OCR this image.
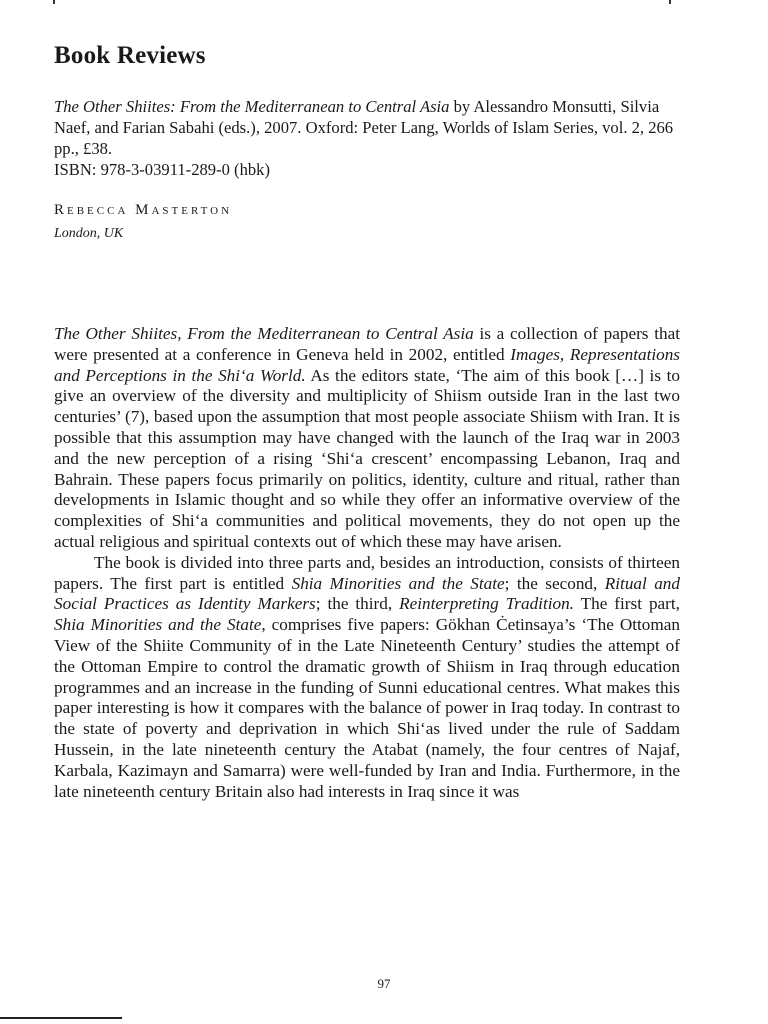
Book Reviews

The Other Shiites: From the Mediterranean to Central Asia by Alessandro Monsutti, Silvia Naef, and Farian Sabahi (eds.), 2007. Oxford: Peter Lang, Worlds of Islam Series, vol. 2, 266 pp., £38.

ISBN: 978-3-03911-289-0 (hbk)

Rebecca Masterton

London, UK

The Other Shiites, From the Mediterranean to Central Asia is a collection of papers that were presented at a conference in Geneva held in 2002, entitled Images, Representations and Perceptions in the Shi‘a World. As the editors state, ‘The aim of this book […] is to give an overview of the diversity and multiplicity of Shiism outside Iran in the last two centuries’ (7), based upon the assumption that most people associate Shiism with Iran. It is possible that this assumption may have changed with the launch of the Iraq war in 2003 and the new perception of a rising ‘Shi‘a crescent’ encompassing Lebanon, Iraq and Bahrain. These papers focus primarily on politics, identity, culture and ritual, rather than developments in Islamic thought and so while they offer an informative overview of the complexities of Shi‘a communities and political movements, they do not open up the actual religious and spiritual contexts out of which these may have arisen.

The book is divided into three parts and, besides an introduction, consists of thirteen papers. The first part is entitled Shia Minorities and the State; the second, Ritual and Social Practices as Identity Markers; the third, Reinterpreting Tradition. The first part, Shia Minorities and the State, comprises five papers: Gökhan Ċetinsaya’s ‘The Ottoman View of the Shiite Community of in the Late Nineteenth Century’ studies the attempt of the Ottoman Empire to control the dramatic growth of Shiism in Iraq through education programmes and an increase in the funding of Sunni educational centres. What makes this paper interesting is how it compares with the balance of power in Iraq today. In contrast to the state of poverty and deprivation in which Shi‘as lived under the rule of Saddam Hussein, in the late nineteenth century the Atabat (namely, the four centres of Najaf, Karbala, Kazimayn and Samarra) were well-funded by Iran and India. Furthermore, in the late nineteenth century Britain also had interests in Iraq since it was

97
